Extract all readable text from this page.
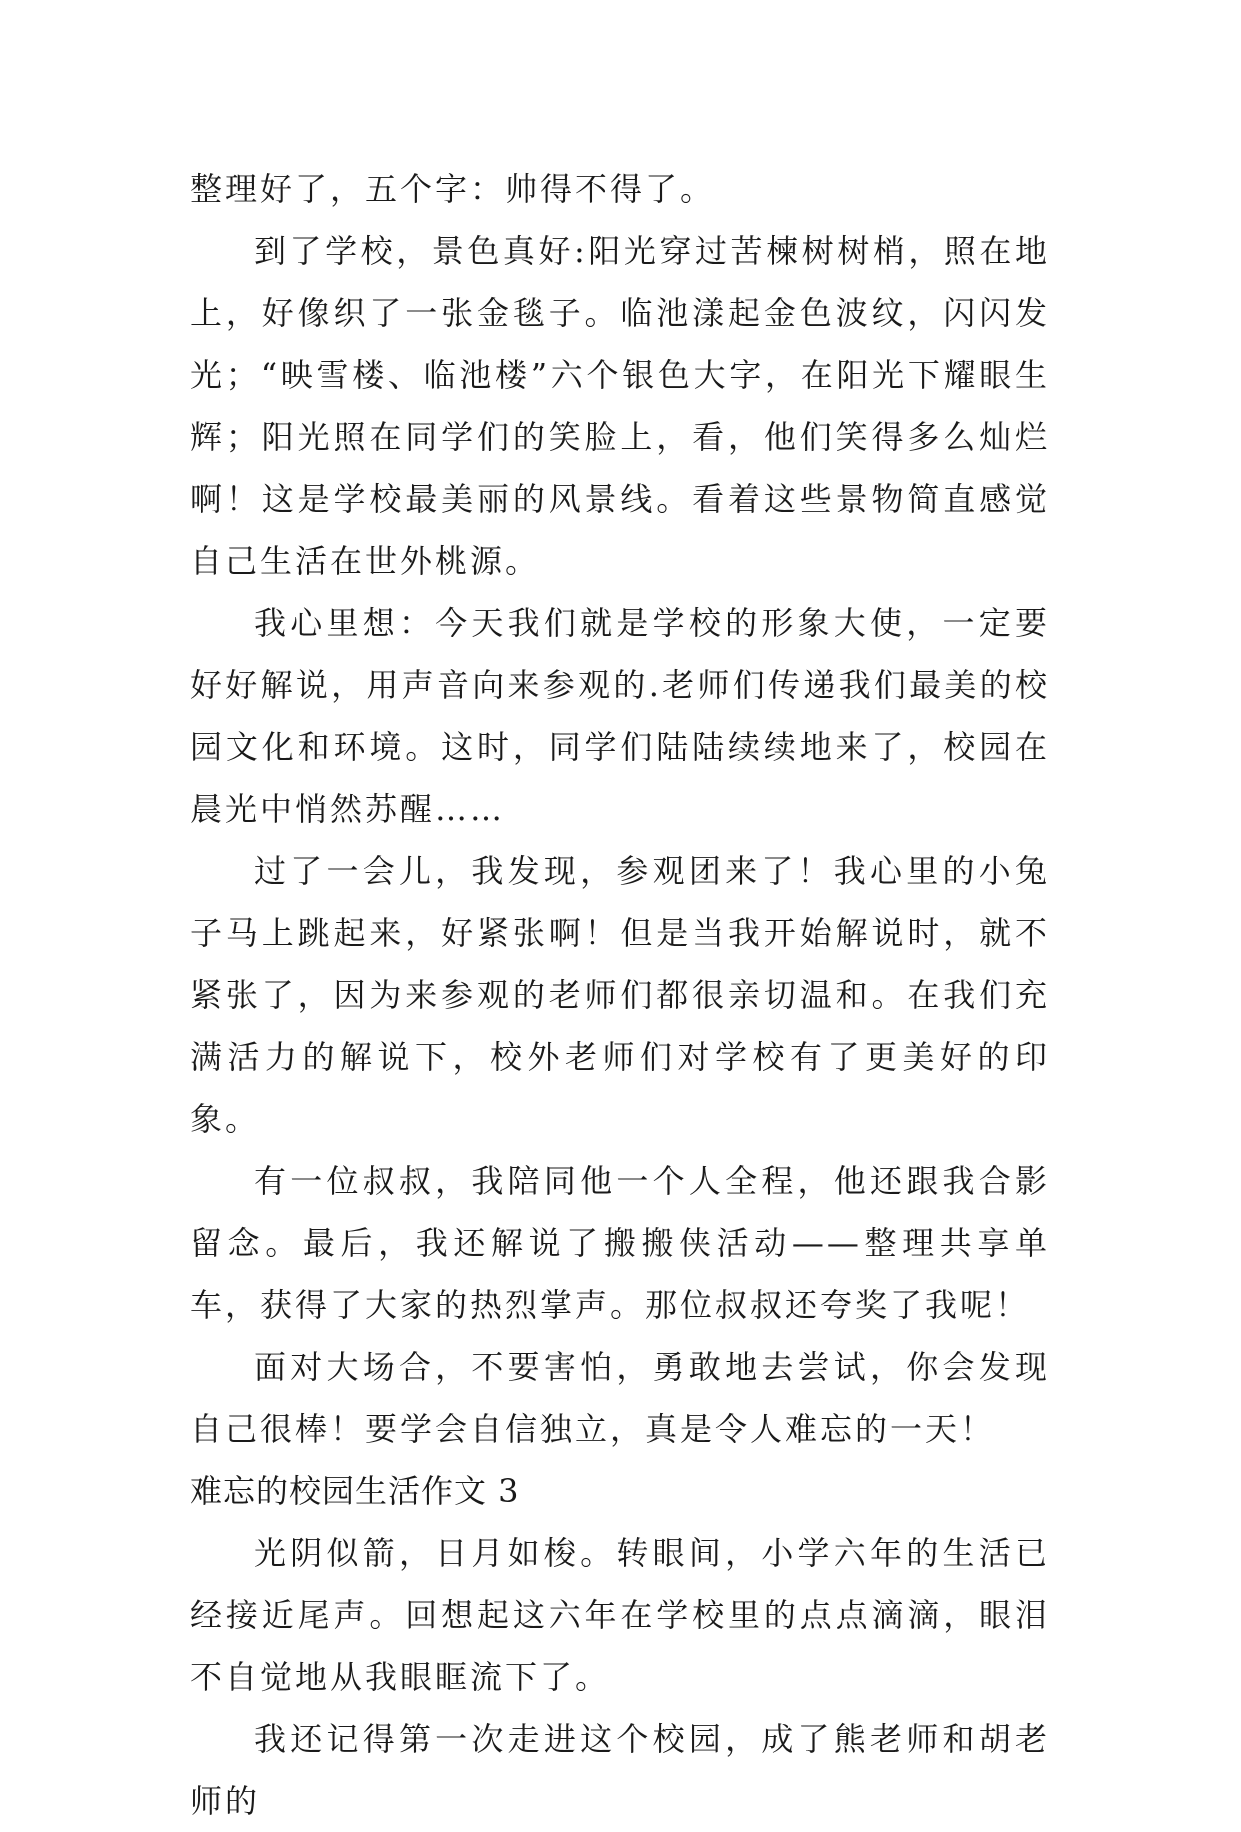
整理好了，五个字：帅得不得了。

到了学校，景色真好:阳光穿过苦楝树树梢，照在地上，好像织了一张金毯子。临池漾起金色波纹，闪闪发光；“映雪楼、临池楼”六个银色大字，在阳光下耀眼生辉；阳光照在同学们的笑脸上，看，他们笑得多么灿烂啊！这是学校最美丽的风景线。看着这些景物简直感觉自己生活在世外桃源。

我心里想：今天我们就是学校的形象大使，一定要好好解说，用声音向来参观的.老师们传递我们最美的校园文化和环境。这时，同学们陆陆续续地来了，校园在晨光中悄然苏醒……

过了一会儿，我发现，参观团来了！我心里的小兔子马上跳起来，好紧张啊！但是当我开始解说时，就不紧张了，因为来参观的老师们都很亲切温和。在我们充满活力的解说下，校外老师们对学校有了更美好的印象。

有一位叔叔，我陪同他一个人全程，他还跟我合影留念。最后，我还解说了搬搬侠活动——整理共享单车，获得了大家的热烈掌声。那位叔叔还夸奖了我呢！

面对大场合，不要害怕，勇敢地去尝试，你会发现自己很棒！要学会自信独立，真是令人难忘的一天！

难忘的校园生活作文 3

光阴似箭，日月如梭。转眼间，小学六年的生活已经接近尾声。回想起这六年在学校里的点点滴滴，眼泪不自觉地从我眼眶流下了。

我还记得第一次走进这个校园，成了熊老师和胡老师的
